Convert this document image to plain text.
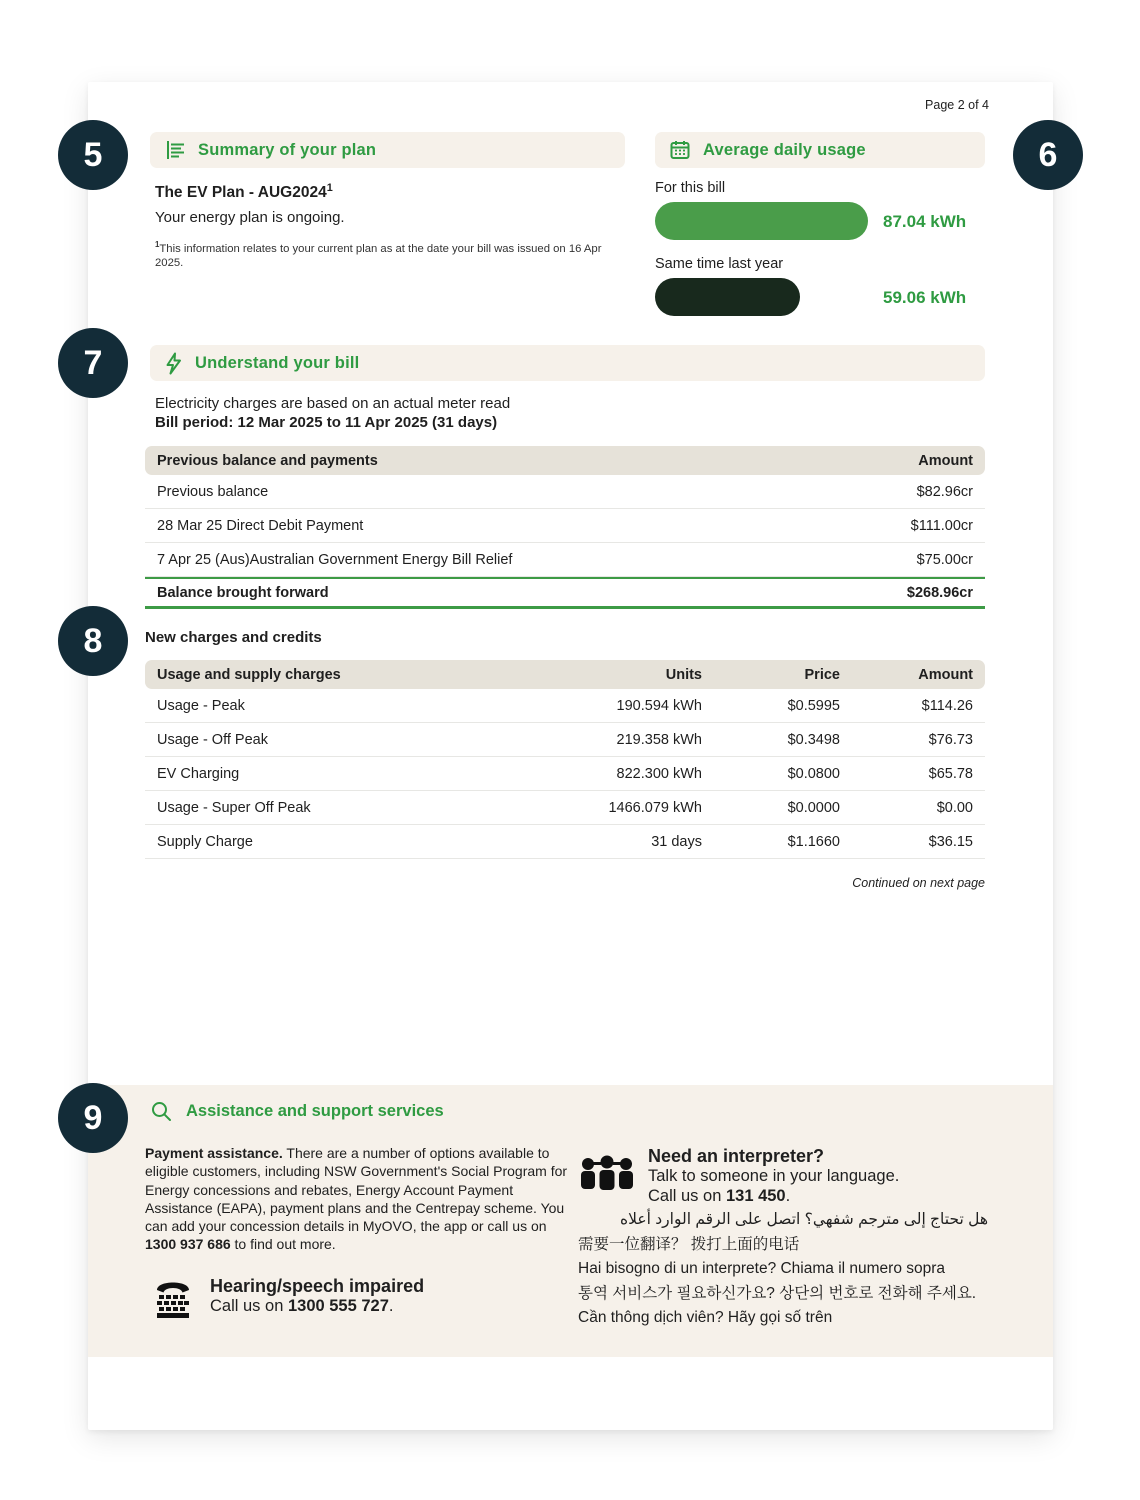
Page 2 of 4
Summary of your plan
The EV Plan - AUG2024$^1$
Your energy plan is ongoing.
$^1$This information relates to your current plan as at the date your bill was issued on 16 Apr 2025.
Average daily usage
For this bill
87.04 kWh
Same time last year
59.06 kWh
Understand your bill
Electricity charges are based on an actual meter read
Bill period: 12 Mar 2025 to 11 Apr 2025 (31 days)
Previous balance and payments	Amount
Previous balance	$82.96cr
28 Mar 25 Direct Debit Payment	$111.00cr
7 Apr 25 (Aus)Australian Government Energy Bill Relief	$75.00cr
Balance brought forward	$268.96cr
New charges and credits
Usage and supply charges	Units	Price	Amount
Usage - Peak	190.594 kWh	$0.5995	$114.26
Usage - Off Peak	219.358 kWh	$0.3498	$76.73
EV Charging	822.300 kWh	$0.0800	$65.78
Usage - Super Off Peak	1466.079 kWh	$0.0000	$0.00
Supply Charge	31 days	$1.1660	$36.15
Continued on next page
Assistance and support services
Payment assistance. There are a number of options available to eligible customers, including NSW Government's Social Program for Energy concessions and rebates, Energy Account Payment Assistance (EAPA), payment plans and the Centrepay scheme. You can add your concession details in MyOVO, the app or call us on 1300 937 686 to find out more.
Hearing/speech impaired
Call us on 1300 555 727.
Need an interpreter?
Talk to someone in your language.
Call us on 131 450.
هل تحتاج إلى مترجم شفهي؟ اتصل على الرقم الوارد أعلاه
需要一位翻译？ 拨打上面的电话
Hai bisogno di un interprete? Chiama il numero sopra
통역 서비스가 필요하신가요? 상단의 번호로 전화해 주세요.
Cần thông dịch viên? Hãy gọi số trên
5	6
7
8
9
